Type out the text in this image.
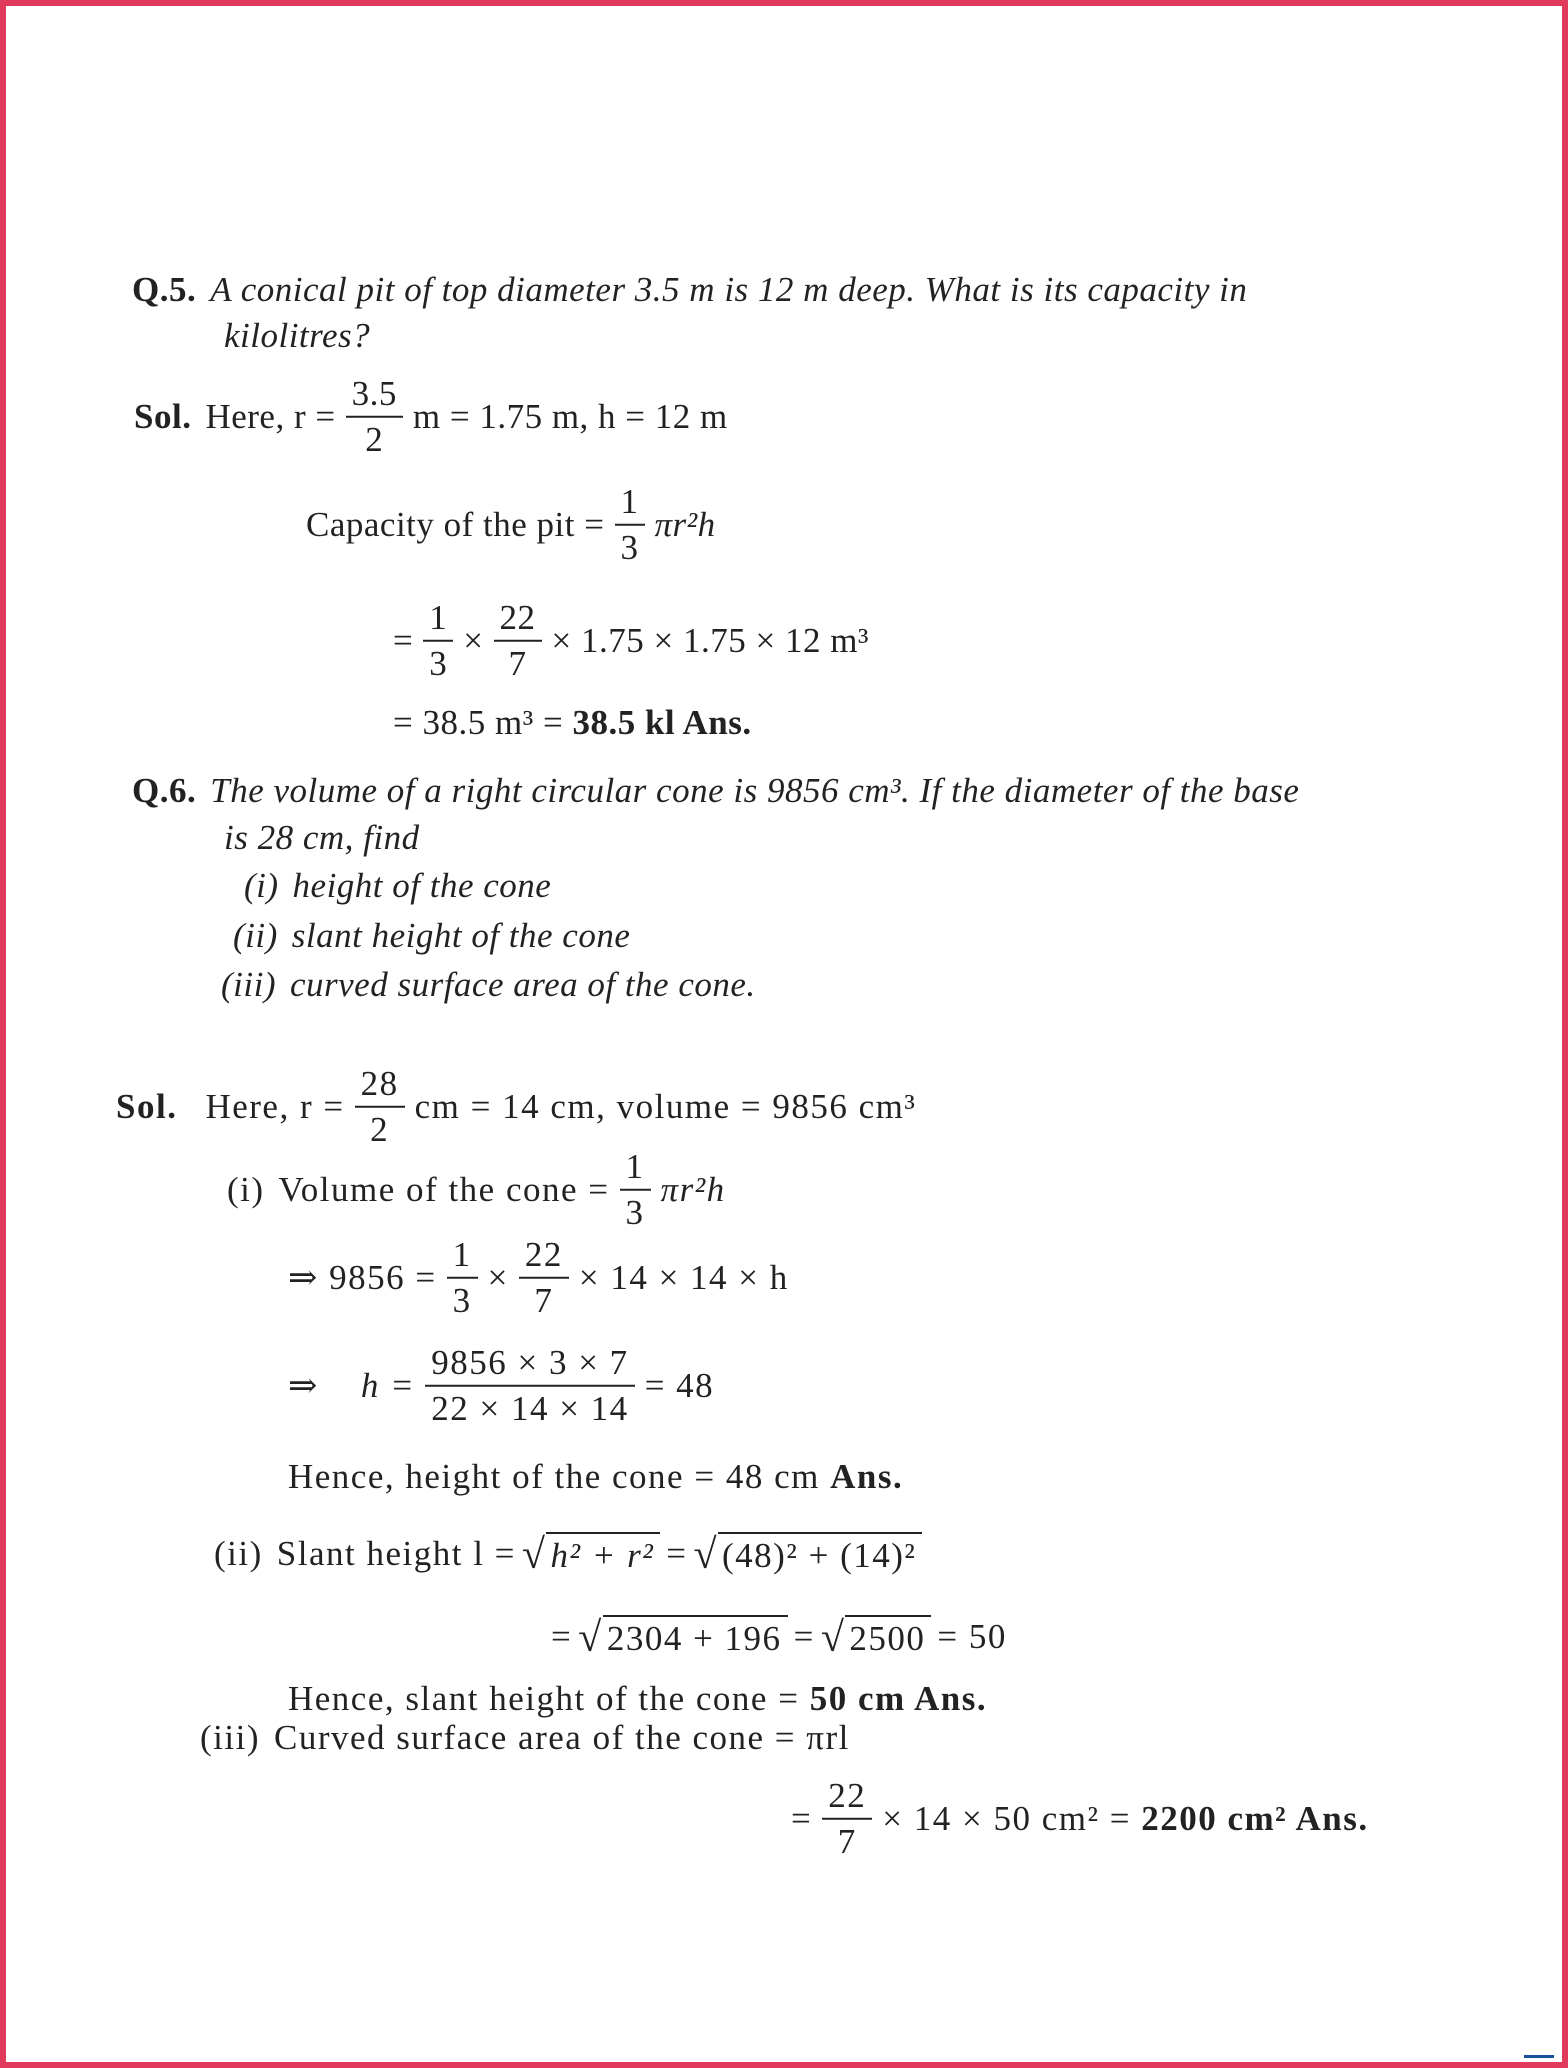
Q.5. A conical pit of top diameter 3.5 m is 12 m deep. What is its capacity in
kilolitres?
Sol. Here, $r = \frac{3.5}{2}$ m = 1.75 m, h = 12 m
Capacity of the pit = $\frac{1}{3} \pi r^2h$
= $\frac{1}{3} \times \frac{22}{7} \times 1.75 \times 1.75 \times 12$ m³
= 38.5 m³ =
38.5 kl Ans.
Q.6. The volume of a right circular cone is 9856 cm³. If the diameter of the base
is 28 cm, find
(i) height of the cone
(ii) slant height of the cone
(iii) curved surface area of the cone.
Sol. Here, $r = \frac{28}{2}$ cm = 14 cm, volume = 9856 cm³
(i) Volume of the cone = $\frac{1}{3} \pi r^2h$
⇒ $9856 = \frac{1}{3} \times \frac{22}{7} \times 14 \times 14 \times h$
⇒ $h = \frac{9856 \times 3 \times 7}{22 \times 14 \times 14} = 48$
Hence, height of the cone = 48 cm
Ans.
(ii) Slant height l = √ h² + r² = √ (48)² + (14)²
= √ 2304 + 196 = √ 2500 = 50
Hence, slant height of the cone =
50 cm Ans.
(iii) Curved surface area of the cone = πrl
= $\frac{22}{7} \times 14 \times 50$ cm² =
2200 cm² Ans.
